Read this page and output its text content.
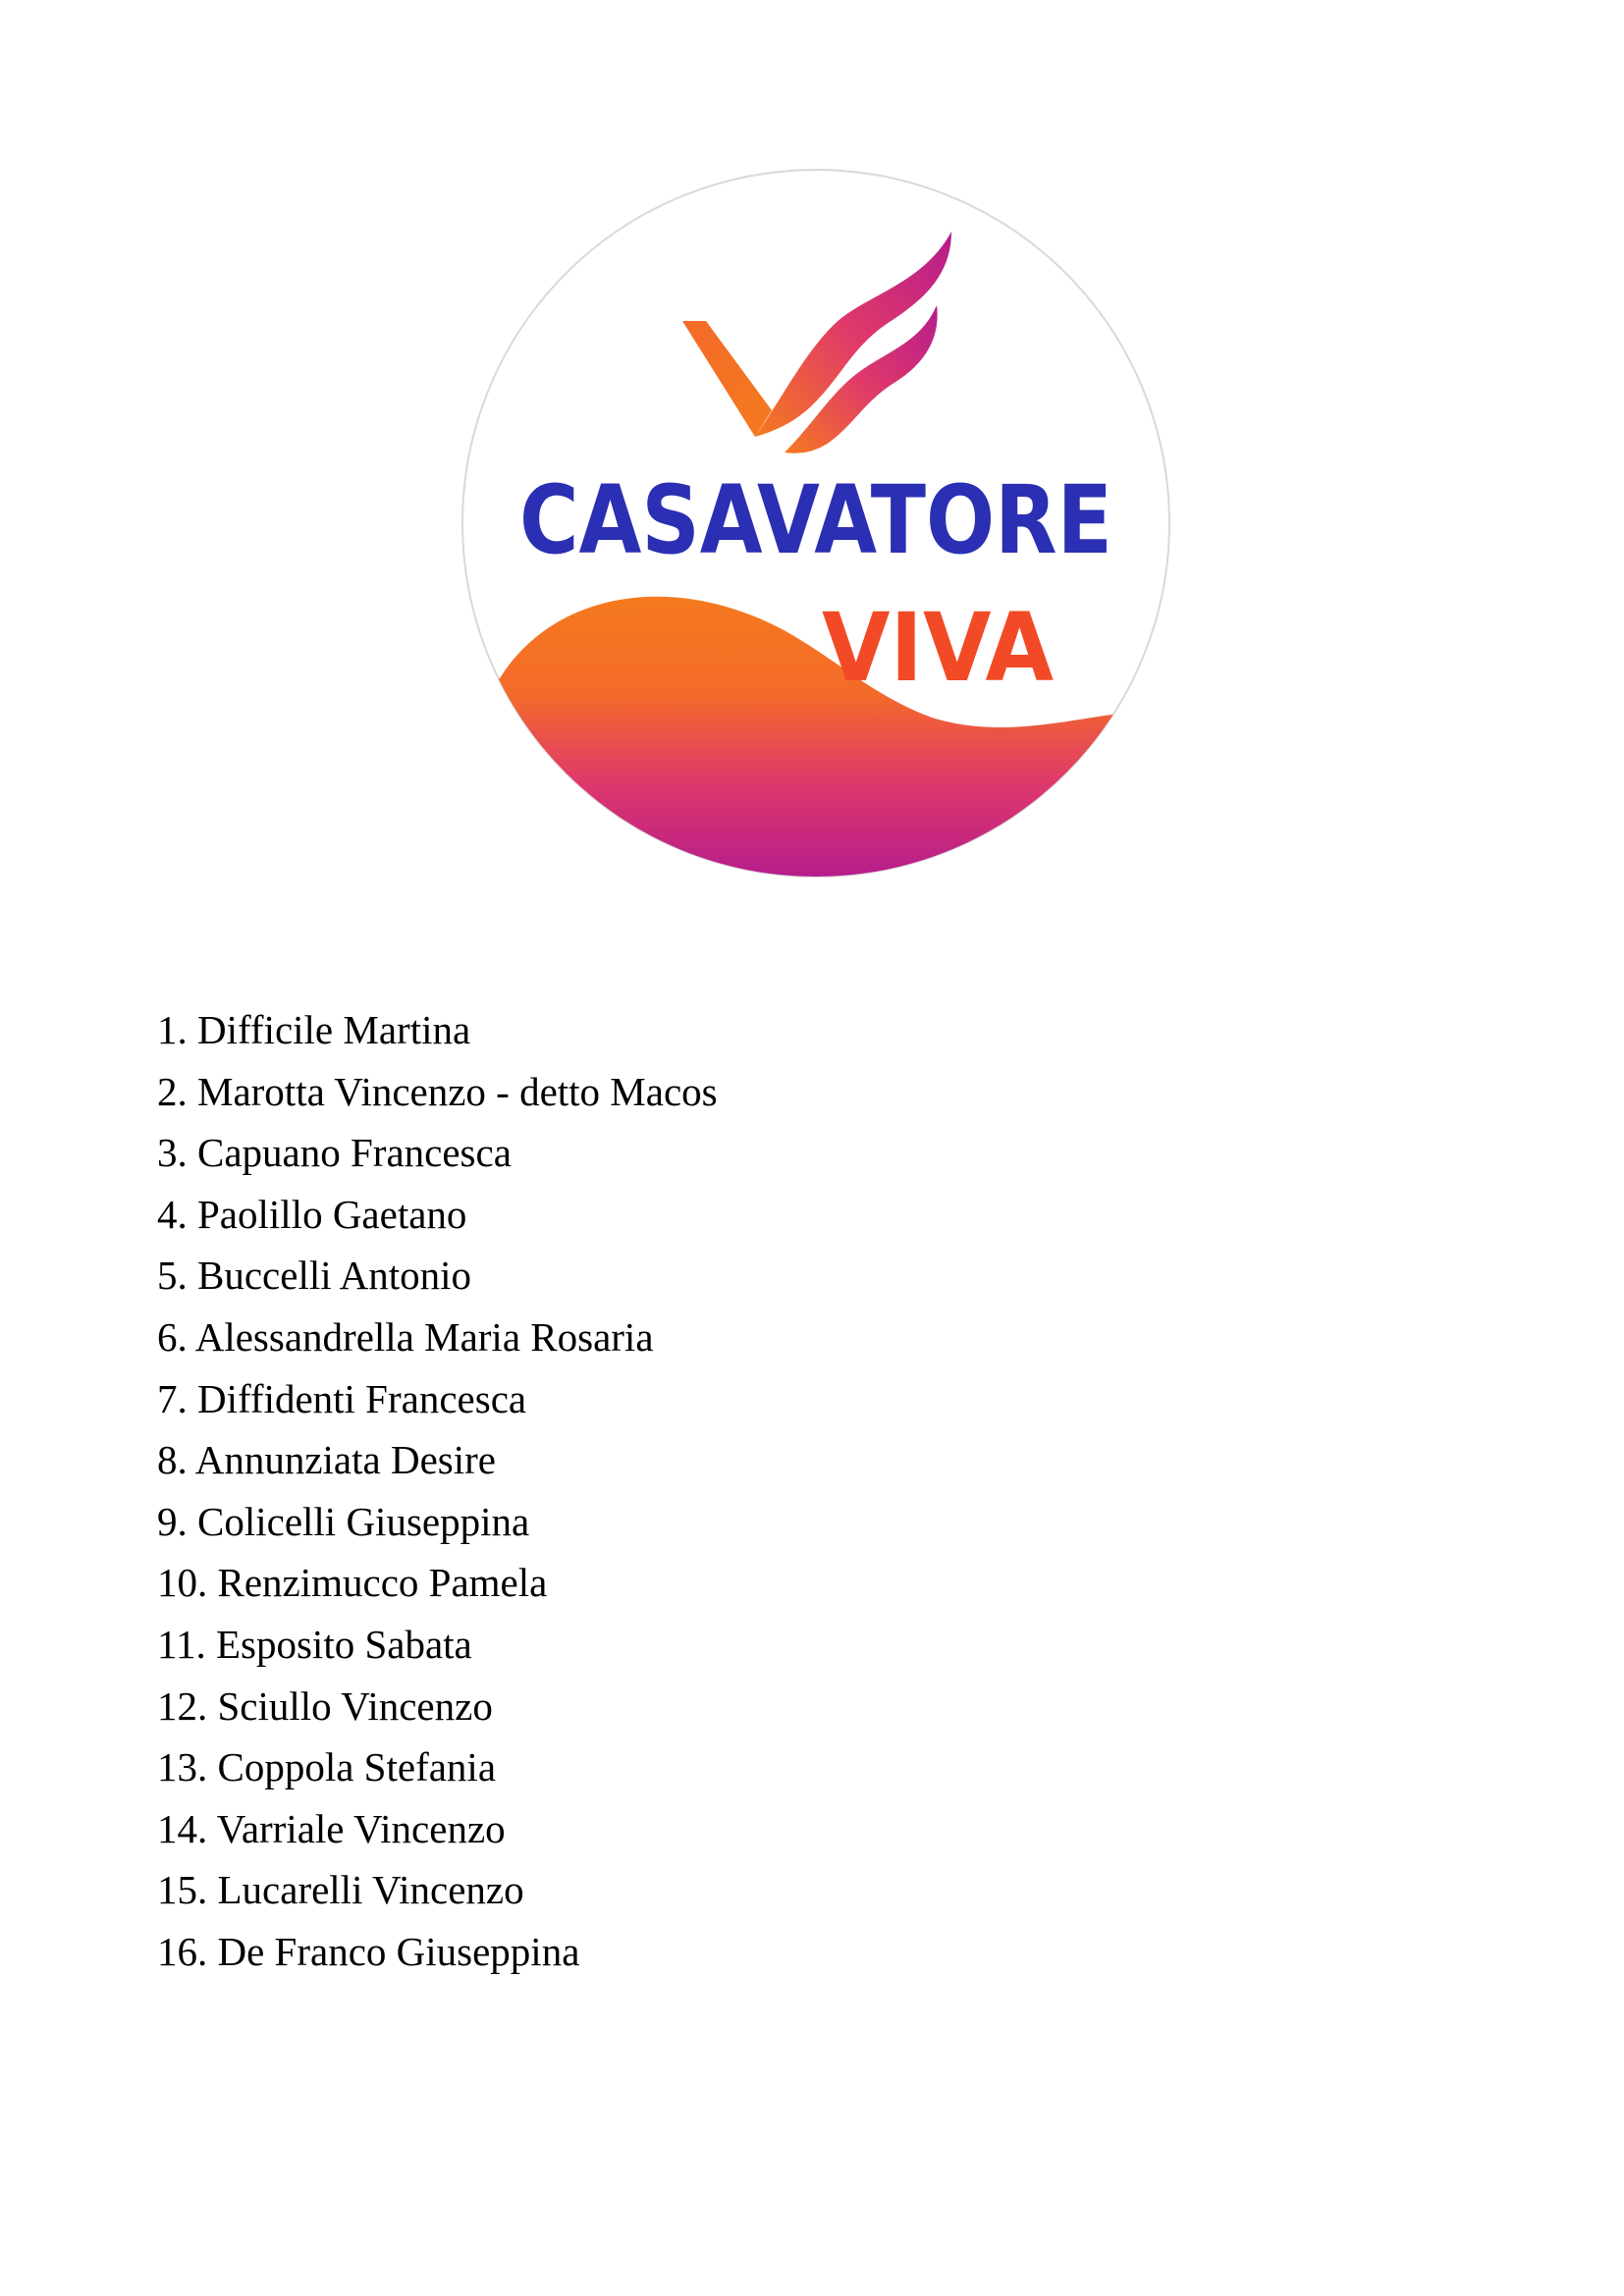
CASAVATORE
VIVA
1. Difficile Martina
2. Marotta Vincenzo - detto Macos
3. Capuano Francesca
4. Paolillo Gaetano
5. Buccelli Antonio
6. Alessandrella Maria Rosaria
7. Diffidenti Francesca
8. Annunziata Desire
9. Colicelli Giuseppina
10. Renzimucco Pamela
11. Esposito Sabata
12. Sciullo Vincenzo
13. Coppola Stefania
14. Varriale Vincenzo
15. Lucarelli Vincenzo
16. De Franco Giuseppina
